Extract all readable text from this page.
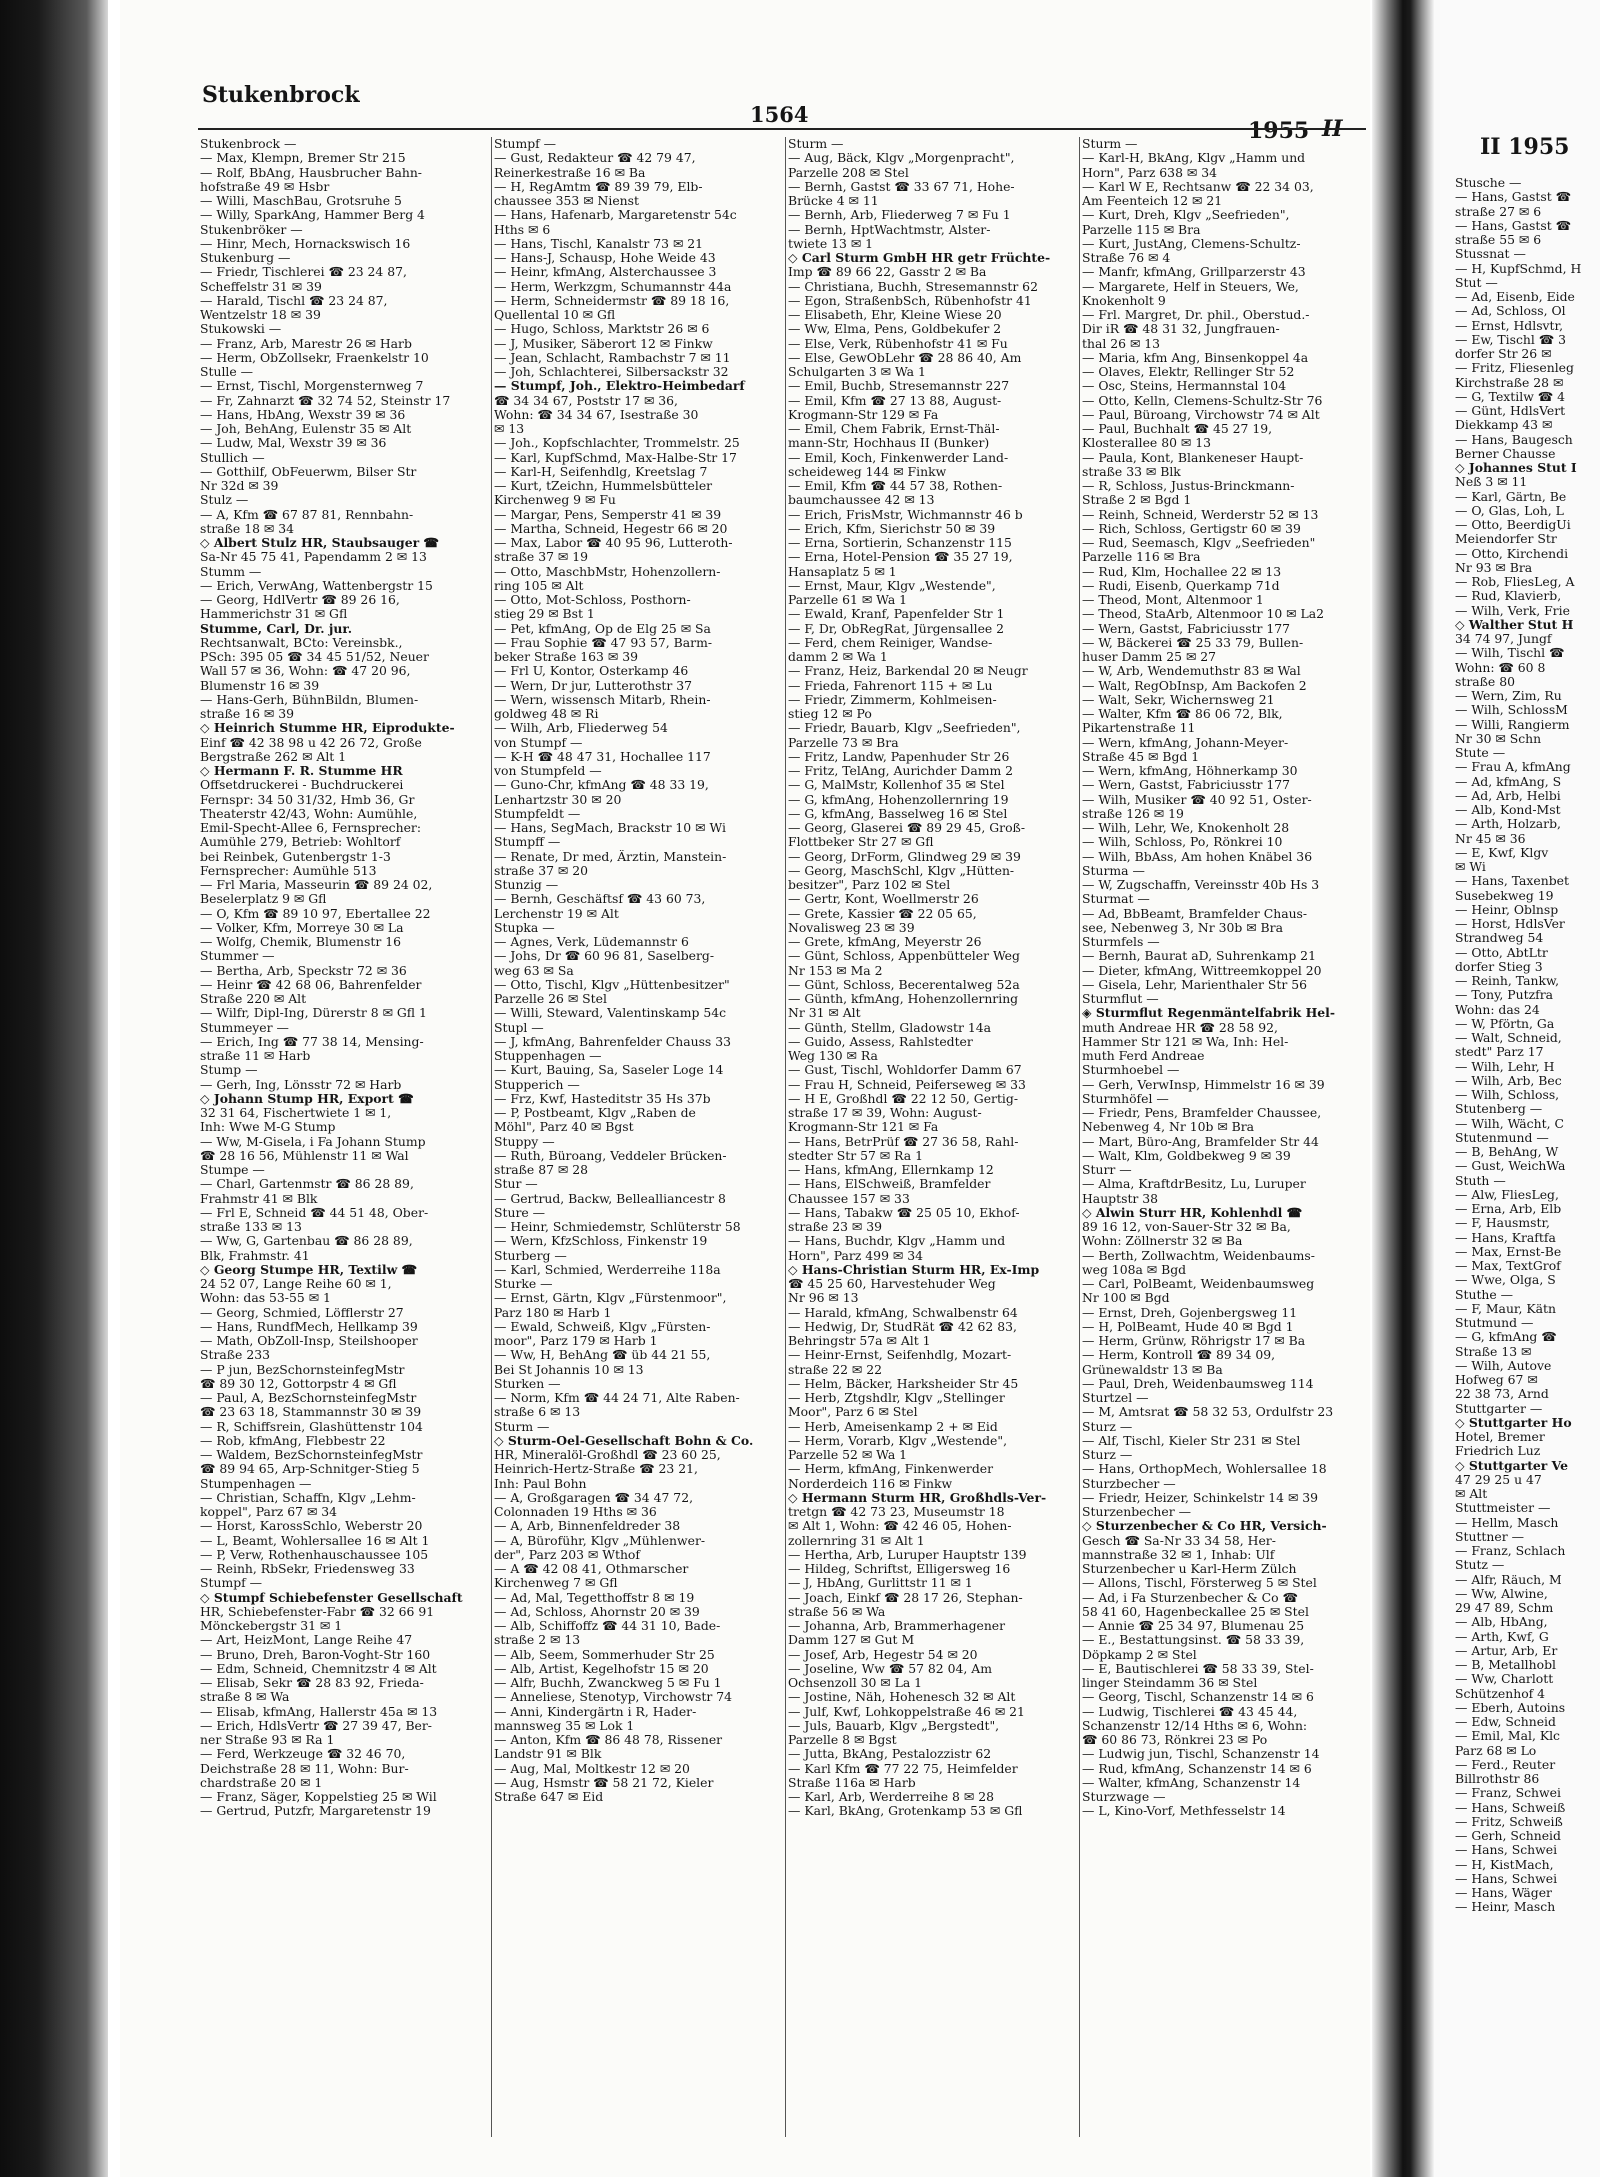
Stukenbrock
1564
1955 II
II 1955

Stukenbrock —

— Max, Klempn, Bremer Str 215

— Rolf, BbAng, Hausbrucher Bahn-

hofstraße 49 ✉ Hsbr

— Willi, MaschBau, Grotsruhe 5

— Willy, SparkAng, Hammer Berg 4

Stukenbröker —

— Hinr, Mech, Hornackswisch 16

Stukenburg —

— Friedr, Tischlerei ☎ 23 24 87,

Scheffelstr 31 ✉ 39

— Harald, Tischl ☎ 23 24 87,

Wentzelstr 18 ✉ 39

Stukowski —

— Franz, Arb, Marestr 26 ✉ Harb

— Herm, ObZollsekr, Fraenkelstr 10

Stulle —

— Ernst, Tischl, Morgensternweg 7

— Fr, Zahnarzt ☎ 32 74 52, Steinstr 17

— Hans, HbAng, Wexstr 39 ✉ 36

— Joh, BehAng, Eulenstr 35 ✉ Alt

— Ludw, Mal, Wexstr 39 ✉ 36

Stullich —

— Gotthilf, ObFeuerwm, Bilser Str

Nr 32d ✉ 39

Stulz —

— A, Kfm ☎ 67 87 81, Rennbahn-

straße 18 ✉ 34

◇ Albert Stulz HR, Staubsauger ☎

Sa-Nr 45 75 41, Papendamm 2 ✉ 13

Stumm —

— Erich, VerwAng, Wattenbergstr 15

— Georg, HdlVertr ☎ 89 26 16,

Hammerichstr 31 ✉ Gfl

Stumme, Carl, Dr. jur.

Rechtsanwalt, BCto: Vereinsbk.,

PSch: 395 05 ☎ 34 45 51/52, Neuer

Wall 57 ✉ 36, Wohn: ☎ 47 20 96,

Blumenstr 16 ✉ 39

— Hans-Gerh, BühnBildn, Blumen-

straße 16 ✉ 39

◇ Heinrich Stumme HR, Eiprodukte-

Einf ☎ 42 38 98 u 42 26 72, Große

Bergstraße 262 ✉ Alt 1

◇ Hermann F. R. Stumme HR

Offsetdruckerei - Buchdruckerei

Fernspr: 34 50 31/32, Hmb 36, Gr

Theaterstr 42/43, Wohn: Aumühle,

Emil-Specht-Allee 6, Fernsprecher:

Aumühle 279, Betrieb: Wohltorf

bei Reinbek, Gutenbergstr 1-3

Fernsprecher: Aumühle 513

— Frl Maria, Masseurin ☎ 89 24 02,

Beselerplatz 9 ✉ Gfl

— O, Kfm ☎ 89 10 97, Ebertallee 22

— Volker, Kfm, Morreye 30 ✉ La

— Wolfg, Chemik, Blumenstr 16

Stummer —

— Bertha, Arb, Speckstr 72 ✉ 36

— Heinr ☎ 42 68 06, Bahrenfelder

Straße 220 ✉ Alt

— Wilfr, Dipl-Ing, Dürerstr 8 ✉ Gfl 1

Stummeyer —

— Erich, Ing ☎ 77 38 14, Mensing-

straße 11 ✉ Harb

Stump —

— Gerh, Ing, Lönsstr 72 ✉ Harb

◇ Johann Stump HR, Export ☎

32 31 64, Fischertwiete 1 ✉ 1,

Inh: Wwe M-G Stump

— Ww, M-Gisela, i Fa Johann Stump

☎ 28 16 56, Mühlenstr 11 ✉ Wal

Stumpe —

— Charl, Gartenmstr ☎ 86 28 89,

Frahmstr 41 ✉ Blk

— Frl E, Schneid ☎ 44 51 48, Ober-

straße 133 ✉ 13

— Ww, G, Gartenbau ☎ 86 28 89,

Blk, Frahmstr. 41

◇ Georg Stumpe HR, Textilw ☎

24 52 07, Lange Reihe 60 ✉ 1,

Wohn: das 53-55 ✉ 1

— Georg, Schmied, Löfflerstr 27

— Hans, RundfMech, Hellkamp 39

— Math, ObZoll-Insp, Steilshooper

Straße 233

— P jun, BezSchornsteinfegMstr

☎ 89 30 12, Gottorpstr 4 ✉ Gfl

— Paul, A, BezSchornsteinfegMstr

☎ 23 63 18, Stammannstr 30 ✉ 39

— R, Schiffsrein, Glashüttenstr 104

— Rob, kfmAng, Flebbestr 22

— Waldem, BezSchornsteinfegMstr

☎ 89 94 65, Arp-Schnitger-Stieg 5

Stumpenhagen —

— Christian, Schaffn, Klgv „Lehm-

koppel", Parz 67 ✉ 34

— Horst, KarossSchlo, Weberstr 20

— L, Beamt, Wohlersallee 16 ✉ Alt 1

— P, Verw, Rothenhauschaussee 105

— Reinh, RbSekr, Friedensweg 33

Stumpf —

◇ Stumpf Schiebefenster Gesellschaft

HR, Schiebefenster-Fabr ☎ 32 66 91

Mönckebergstr 31 ✉ 1

— Art, HeizMont, Lange Reihe 47

— Bruno, Dreh, Baron-Voght-Str 160

— Edm, Schneid, Chemnitzstr 4 ✉ Alt

— Elisab, Sekr ☎ 28 83 92, Frieda-

straße 8 ✉ Wa

— Elisab, kfmAng, Hallerstr 45a ✉ 13

— Erich, HdlsVertr ☎ 27 39 47, Ber-

ner Straße 93 ✉ Ra 1

— Ferd, Werkzeuge ☎ 32 46 70,

Deichstraße 28 ✉ 11, Wohn: Bur-

chardstraße 20 ✉ 1

— Franz, Säger, Koppelstieg 25 ✉ Wil

— Gertrud, Putzfr, Margaretenstr 19

Stumpf —

— Gust, Redakteur ☎ 42 79 47,

Reinerkestraße 16 ✉ Ba

— H, RegAmtm ☎ 89 39 79, Elb-

chaussee 353 ✉ Nienst

— Hans, Hafenarb, Margaretenstr 54c

Hths ✉ 6

— Hans, Tischl, Kanalstr 73 ✉ 21

— Hans-J, Schausp, Hohe Weide 43

— Heinr, kfmAng, Alsterchaussee 3

— Herm, Werkzgm, Schumannstr 44a

— Herm, Schneidermstr ☎ 89 18 16,

Quellental 10 ✉ Gfl

— Hugo, Schloss, Marktstr 26 ✉ 6

— J, Musiker, Säberort 12 ✉ Finkw

— Jean, Schlacht, Rambachstr 7 ✉ 11

— Joh, Schlachterei, Silbersackstr 32

— Stumpf, Joh., Elektro-Heimbedarf

☎ 34 34 67, Poststr 17 ✉ 36,

Wohn: ☎ 34 34 67, Isestraße 30

✉ 13

— Joh., Kopfschlachter, Trommelstr. 25

— Karl, KupfSchmd, Max-Halbe-Str 17

— Karl-H, Seifenhdlg, Kreetslag 7

— Kurt, tZeichn, Hummelsbütteler

Kirchenweg 9 ✉ Fu

— Margar, Pens, Semperstr 41 ✉ 39

— Martha, Schneid, Hegestr 66 ✉ 20

— Max, Labor ☎ 40 95 96, Lutteroth-

straße 37 ✉ 19

— Otto, MaschbMstr, Hohenzollern-

ring 105 ✉ Alt

— Otto, Mot-Schloss, Posthorn-

stieg 29 ✉ Bst 1

— Pet, kfmAng, Op de Elg 25 ✉ Sa

— Frau Sophie ☎ 47 93 57, Barm-

beker Straße 163 ✉ 39

— Frl U, Kontor, Osterkamp 46

— Wern, Dr jur, Lutterothstr 37

— Wern, wissensch Mitarb, Rhein-

goldweg 48 ✉ Ri

— Wilh, Arb, Fliederweg 54

von Stumpf —

— K-H ☎ 48 47 31, Hochallee 117

von Stumpfeld —

— Guno-Chr, kfmAng ☎ 48 33 19,

Lenhartzstr 30 ✉ 20

Stumpfeldt —

— Hans, SegMach, Brackstr 10 ✉ Wi

Stumpff —

— Renate, Dr med, Ärztin, Manstein-

straße 37 ✉ 20

Stunzig —

— Bernh, Geschäftsf ☎ 43 60 73,

Lerchenstr 19 ✉ Alt

Stupka —

— Agnes, Verk, Lüdemannstr 6

— Johs, Dr ☎ 60 96 81, Saselberg-

weg 63 ✉ Sa

— Otto, Tischl, Klgv „Hüttenbesitzer"

Parzelle 26 ✉ Stel

— Willi, Steward, Valentinskamp 54c

Stupl —

— J, kfmAng, Bahrenfelder Chauss 33

Stuppenhagen —

— Kurt, Bauing, Sa, Saseler Loge 14

Stupperich —

— Frz, Kwf, Hasteditstr 35 Hs 37b

— P, Postbeamt, Klgv „Raben de

Möhl", Parz 40 ✉ Bgst

Stuppy —

— Ruth, Büroang, Veddeler Brücken-

straße 87 ✉ 28

Stur —

— Gertrud, Backw, Belleallianсestr 8

Sture —

— Heinr, Schmiedemstr, Schlüterstr 58

— Wern, KfzSchloss, Finkenstr 19

Sturberg —

— Karl, Schmied, Werderreihe 118a

Sturke —

— Ernst, Gärtn, Klgv „Fürstenmoor",

Parz 180 ✉ Harb 1

— Ewald, Schweiß, Klgv „Fürsten-

moor", Parz 179 ✉ Harb 1

— Ww, H, BehAng ☎ üb 44 21 55,

Bei St Johannis 10 ✉ 13

Sturken —

— Norm, Kfm ☎ 44 24 71, Alte Raben-

straße 6 ✉ 13

Sturm —

◇ Sturm-Oel-Gesellschaft Bohn & Co.

HR, Mineralöl-Großhdl ☎ 23 60 25,

Heinrich-Hertz-Straße ☎ 23 21,

Inh: Paul Bohn

— A, Großgaragen ☎ 34 47 72,

Colonnaden 19 Hths ✉ 36

— A, Arb, Binnenfeldreder 38

— A, Büroführ, Klgv „Mühlenwer-

der", Parz 203 ✉ Wthof

— A ☎ 42 08 41, Othmarscher

Kirchenweg 7 ✉ Gfl

— Ad, Mal, Tegetthoffstr 8 ✉ 19

— Ad, Schloss, Ahornstr 20 ✉ 39

— Alb, Schiffoffz ☎ 44 31 10, Bade-

straße 2 ✉ 13

— Alb, Seem, Sommerhuder Str 25

— Alb, Artist, Kegelhofstr 15 ✉ 20

— Alfr, Buchh, Zwanckweg 5 ✉ Fu 1

— Anneliese, Stenotyp, Virchowstr 74

— Anni, Kindergärtn i R, Hader-

mannsweg 35 ✉ Lok 1

— Anton, Kfm ☎ 86 48 78, Rissener

Landstr 91 ✉ Blk

— Aug, Mal, Moltkestr 12 ✉ 20

— Aug, Hsmstr ☎ 58 21 72, Kieler

Straße 647 ✉ Eid

Sturm —

— Aug, Bäck, Klgv „Morgenpracht",

Parzelle 208 ✉ Stel

— Bernh, Gastst ☎ 33 67 71, Hohe-

Brücke 4 ✉ 11

— Bernh, Arb, Fliederweg 7 ✉ Fu 1

— Bernh, HptWachtmstr, Alster-

twiete 13 ✉ 1

◇ Carl Sturm GmbH HR getr Früchte-

Imp ☎ 89 66 22, Gasstr 2 ✉ Ba

— Christiana, Buchh, Stresemannstr 62

— Egon, StraßenbSch, Rübenhofstr 41

— Elisabeth, Ehr, Kleine Wiese 20

— Ww, Elma, Pens, Goldbekufer 2

— Else, Verk, Rübenhofstr 41 ✉ Fu

— Else, GewObLehr ☎ 28 86 40, Am

Schulgarten 3 ✉ Wa 1

— Emil, Buchb, Stresemannstr 227

— Emil, Kfm ☎ 27 13 88, August-

Krogmann-Str 129 ✉ Fa

— Emil, Chem Fabrik, Ernst-Thäl-

mann-Str, Hochhaus II (Bunker)

— Emil, Koch, Finkenwerder Land-

scheideweg 144 ✉ Finkw

— Emil, Kfm ☎ 44 57 38, Rothen-

baumchaussee 42 ✉ 13

— Erich, FrisMstr, Wichmannstr 46 b

— Erich, Kfm, Sierichstr 50 ✉ 39

— Erna, Sortierin, Schanzenstr 115

— Erna, Hotel-Pension ☎ 35 27 19,

Hansaplatz 5 ✉ 1

— Ernst, Maur, Klgv „Westende",

Parzelle 61 ✉ Wa 1

— Ewald, Kranf, Papenfelder Str 1

— F, Dr, ObRegRat, Jürgensallee 2

— Ferd, chem Reiniger, Wandse-

damm 2 ✉ Wa 1

— Franz, Heiz, Barkendal 20 ✉ Neugr

— Frieda, Fahrenort 115 + ✉ Lu

— Friedr, Zimmerm, Kohlmeisen-

stieg 12 ✉ Po

— Friedr, Bauarb, Klgv „Seefrieden",

Parzelle 73 ✉ Bra

— Fritz, Landw, Papenhuder Str 26

— Fritz, TelAng, Aurichder Damm 2

— G, MalMstr, Kollenhof 35 ✉ Stel

— G, kfmAng, Hohenzollernring 19

— G, kfmAng, Basselweg 16 ✉ Stel

— Georg, Glaserei ☎ 89 29 45, Groß-

Flottbeker Str 27 ✉ Gfl

— Georg, DrForm, Glindweg 29 ✉ 39

— Georg, MaschSchl, Klgv „Hütten-

besitzer", Parz 102 ✉ Stel

— Gertr, Kont, Woellmerstr 26

— Grete, Kassier ☎ 22 05 65,

Novalisweg 23 ✉ 39

— Grete, kfmAng, Meyerstr 26

— Günt, Schloss, Appenbütteler Weg

Nr 153 ✉ Ma 2

— Günt, Schloss, Becerentalweg 52a

— Günth, kfmAng, Hohenzollernring

Nr 31 ✉ Alt

— Günth, Stellm, Gladowstr 14a

— Guido, Assess, Rahlstedter

Weg 130 ✉ Ra

— Gust, Tischl, Wohldorfer Damm 67

— Frau H, Schneid, Peiferseweg ✉ 33

— H E, Großhdl ☎ 22 12 50, Gertig-

straße 17 ✉ 39, Wohn: August-

Krogmann-Str 121 ✉ Fa

— Hans, BetrPrüf ☎ 27 36 58, Rahl-

stedter Str 57 ✉ Ra 1

— Hans, kfmAng, Ellernkamp 12

— Hans, ElSchweiß, Bramfelder

Chaussee 157 ✉ 33

— Hans, Tabakw ☎ 25 05 10, Ekhof-

straße 23 ✉ 39

— Hans, Buchdr, Klgv „Hamm und

Horn", Parz 499 ✉ 34

◇ Hans-Christian Sturm HR, Ex-Imp

☎ 45 25 60, Harvestehuder Weg

Nr 96 ✉ 13

— Harald, kfmAng, Schwalbenstr 64

— Hedwig, Dr, StudRät ☎ 42 62 83,

Behringstr 57a ✉ Alt 1

— Heinr-Ernst, Seifenhdlg, Mozart-

straße 22 ✉ 22

— Helm, Bäcker, Harksheider Str 45

— Herb, Ztgshdlr, Klgv „Stellinger

Moor", Parz 6 ✉ Stel

— Herb, Ameisenkamp 2 + ✉ Eid

— Herm, Vorarb, Klgv „Westende",

Parzelle 52 ✉ Wa 1

— Herm, kfmAng, Finkenwerder

Norderdeich 116 ✉ Finkw

◇ Hermann Sturm HR, Großhdls-Ver-

tretgn ☎ 42 73 23, Museumstr 18

✉ Alt 1, Wohn: ☎ 42 46 05, Hohen-

zollernring 31 ✉ Alt 1

— Hertha, Arb, Luruper Hauptstr 139

— Hildeg, Schriftst, Elligersweg 16

— J, HbAng, Gurlittstr 11 ✉ 1

— Joach, Einkf ☎ 28 17 26, Stephan-

straße 56 ✉ Wa

— Johanna, Arb, Brammerhagener

Damm 127 ✉ Gut M

— Josef, Arb, Hegestr 54 ✉ 20

— Joseline, Ww ☎ 57 82 04, Am

Ochsenzoll 30 ✉ La 1

— Jostine, Näh, Hohenesch 32 ✉ Alt

— Julf, Kwf, Lohkoppelstraße 46 ✉ 21

— Juls, Bauarb, Klgv „Bergstedt",

Parzelle 8 ✉ Bgst

— Jutta, BkAng, Pestalozzistr 62

— Karl Kfm ☎ 77 22 75, Heimfelder

Straße 116a ✉ Harb

— Karl, Arb, Werderreihe 8 ✉ 28

— Karl, BkAng, Grotenkamp 53 ✉ Gfl

Sturm —

— Karl-H, BkAng, Klgv „Hamm und

Horn", Parz 638 ✉ 34

— Karl W E, Rechtsanw ☎ 22 34 03,

Am Feenteich 12 ✉ 21

— Kurt, Dreh, Klgv „Seefrieden",

Parzelle 115 ✉ Bra

— Kurt, JustAng, Clemens-Schultz-

Straße 76 ✉ 4

— Manfr, kfmAng, Grillparzerstr 43

— Margarete, Helf in Steuers, We,

Knokenholt 9

— Frl. Margret, Dr. phil., Oberstud.-

Dir iR ☎ 48 31 32, Jungfrauen-

thal 26 ✉ 13

— Maria, kfm Ang, Binsenkoppel 4a

— Olaves, Elektr, Rellinger Str 52

— Osc, Steins, Hermannstal 104

— Otto, Kelln, Clemens-Schultz-Str 76

— Paul, Büroang, Virchowstr 74 ✉ Alt

— Paul, Buchhalt ☎ 45 27 19,

Klosterallee 80 ✉ 13

— Paula, Kont, Blankeneser Haupt-

straße 33 ✉ Blk

— R, Schloss, Justus-Brinckmann-

Straße 2 ✉ Bgd 1

— Reinh, Schneid, Werderstr 52 ✉ 13

— Rich, Schloss, Gertigstr 60 ✉ 39

— Rud, Seemasch, Klgv „Seefrieden"

Parzelle 116 ✉ Bra

— Rud, Klm, Hochallee 22 ✉ 13

— Rudi, Eisenb, Querkamp 71d

— Theod, Mont, Altenmoor 1

— Theod, StaArb, Altenmoor 10 ✉ La2

— Wern, Gastst, Fabriciusstr 177

— W, Bäckerei ☎ 25 33 79, Bullen-

huser Damm 25 ✉ 27

— W, Arb, Wendemuthstr 83 ✉ Wal

— Walt, RegObInsp, Am Backofen 2

— Walt, Sekr, Wichernsweg 21

— Walter, Kfm ☎ 86 06 72, Blk,

Pikartenstraße 11

— Wern, kfmAng, Johann-Meyer-

Straße 45 ✉ Bgd 1

— Wern, kfmAng, Höhnerkamp 30

— Wern, Gastst, Fabriciusstr 177

— Wilh, Musiker ☎ 40 92 51, Oster-

straße 126 ✉ 19

— Wilh, Lehr, We, Knokenholt 28

— Wilh, Schloss, Po, Rönkrei 10

— Wilh, BbAss, Am hohen Knäbel 36

Sturma —

— W, Zugschaffn, Vereinsstr 40b Hs 3

Sturmat —

— Ad, BbBeamt, Bramfelder Chaus-

see, Nebenweg 3, Nr 30b ✉ Bra

Sturmfels —

— Bernh, Baurat aD, Suhrenkamp 21

— Dieter, kfmAng, Wittreemkoppel 20

— Gisela, Lehr, Marienthaler Str 56

Sturmflut —

◈ Sturmflut Regenmäntelfabrik Hel-

muth Andreae HR ☎ 28 58 92,

Hammer Str 121 ✉ Wa, Inh: Hel-

muth Ferd Andreae

Sturmhoebel —

— Gerh, VerwInsp, Himmelstr 16 ✉ 39

Sturmhöfel —

— Friedr, Pens, Bramfelder Chaussee,

Nebenweg 4, Nr 10b ✉ Bra

— Mart, Büro-Ang, Bramfelder Str 44

— Walt, Klm, Goldbekweg 9 ✉ 39

Sturr —

— Alma, KraftdrBesitz, Lu, Luruper

Hauptstr 38

◇ Alwin Sturr HR, Kohlenhdl ☎

89 16 12, von-Sauer-Str 32 ✉ Ba,

Wohn: Zöllnerstr 32 ✉ Ba

— Berth, Zollwachtm, Weidenbaums-

weg 108a ✉ Bgd

— Carl, PolBeamt, Weidenbaumsweg

Nr 100 ✉ Bgd

— Ernst, Dreh, Gojenbergsweg 11

— H, PolBeamt, Hude 40 ✉ Bgd 1

— Herm, Grünw, Röhrigstr 17 ✉ Ba

— Herm, Kontroll ☎ 89 34 09,

Grünewaldstr 13 ✉ Ba

— Paul, Dreh, Weidenbaumsweg 114

Sturtzel —

— M, Amtsrat ☎ 58 32 53, Ordulfstr 23

Sturz —

— Alf, Tischl, Kieler Str 231 ✉ Stel

Sturz —

— Hans, OrthopMech, Wohlersallee 18

Sturzbecher —

— Friedr, Heizer, Schinkelstr 14 ✉ 39

Sturzenbecher —

◇ Sturzenbecher & Co HR, Versich-

Gesch ☎ Sa-Nr 33 34 58, Her-

mannstraße 32 ✉ 1, Inhab: Ulf

Sturzenbecher u Karl-Herm Zülch

— Allons, Tischl, Försterweg 5 ✉ Stel

— Ad, i Fa Sturzenbecher & Co ☎

58 41 60, Hagenbeckallee 25 ✉ Stel

— Annie ☎ 25 34 97, Blumenau 25

— E., Bestattungsinst. ☎ 58 33 39,

Döpkamp 2 ✉ Stel

— E, Bautischlerei ☎ 58 33 39, Stel-

linger Steindamm 36 ✉ Stel

— Georg, Tischl, Schanzenstr 14 ✉ 6

— Ludwig, Tischlerei ☎ 43 45 44,

Schanzenstr 12/14 Hths ✉ 6, Wohn:

☎ 60 86 73, Rönkrei 23 ✉ Po

— Ludwig jun, Tischl, Schanzenstr 14

— Rud, kfmAng, Schanzenstr 14 ✉ 6

— Walter, kfmAng, Schanzenstr 14

Sturzwage —

— L, Kino-Vorf, Methfesselstr 14

Stusche —

— Hans, Gastst ☎

straße 27 ✉ 6

— Hans, Gastst ☎

straße 55 ✉ 6

Stussnat —

— H, KupfSchmd, H

Stut —

— Ad, Eisenb, Eide

— Ad, Schloss, Ol

— Ernst, Hdlsvtr,

— Ew, Tischl ☎ 3

dorfer Str 26 ✉

— Fritz, Fliesenleg

Kirchstraße 28 ✉

— G, Textilw ☎ 4

— Günt, HdlsVert

Diekkamp 43 ✉

— Hans, Baugesch

Berner Chausse

◇ Johannes Stut I

Neß 3 ✉ 11

— Karl, Gärtn, Be

— O, Glas, Loh, L

— Otto, BeerdigUi

Meiendorfer Str

— Otto, Kirchendi

Nr 93 ✉ Bra

— Rob, FliesLeg, A

— Rud, Klavierb,

— Wilh, Verk, Frie

◇ Walther Stut H

34 74 97, Jungf

— Wilh, Tischl ☎

Wohn: ☎ 60 8

straße 80

— Wern, Zim, Ru

— Wilh, SchlossM

— Willi, Rangierm

Nr 30 ✉ Schn

Stute —

— Frau A, kfmAng

— Ad, kfmAng, S

— Ad, Arb, Helbi

— Alb, Kond-Mst

— Arth, Holzarb,

Nr 45 ✉ 36

— E, Kwf, Klgv

✉ Wi

— Hans, Taxenbet

Susebekweg 19

— Heinr, Oblnsp

— Horst, HdlsVer

Strandweg 54

— Otto, AbtLtr

dorfer Stieg 3

— Reinh, Tankw,

— Tony, Putzfra

Wohn: das 24

— W, Pförtn, Ga

— Walt, Schneid,

stedt" Parz 17

— Wilh, Lehr, H

— Wilh, Arb, Bec

— Wilh, Schloss,

Stutenberg —

— Wilh, Wächt, C

Stutenmund —

— B, BehAng, W

— Gust, WeichWa

Stuth —

— Alw, FliesLeg,

— Erna, Arb, Elb

— F, Hausmstr,

— Hans, Kraftfa

— Max, Ernst-Be

— Max, TextGrof

— Wwe, Olga, S

Stuthe —

— F, Maur, Kätn

Stutmund —

— G, kfmAng ☎

Straße 13 ✉

— Wilh, Autove

Hofweg 67 ✉

22 38 73, Arnd

Stuttgarter —

◇ Stuttgarter Ho

Hotel, Bremer

Friedrich Luz

◇ Stuttgarter Ve

47 29 25 u 47

✉ Alt

Stuttmeister —

— Hellm, Masch

Stuttner —

— Franz, Schlach

Stutz —

— Alfr, Räuch, M

— Ww, Alwine,

29 47 89, Schm

— Alb, HbAng,

— Arth, Kwf, G

— Artur, Arb, Er

— B, Metallhobl

— Ww, Charlott

Schützenhof 4

— Eberh, Autoins

— Edw, Schneid

— Emil, Mal, Klc

Parz 68 ✉ Lo

— Ferd., Reuter

Billrothstr 86

— Franz, Schwei

— Hans, Schweiß

— Fritz, Schweiß

— Gerh, Schneid

— Hans, Schwei

— H, KistMach,

— Hans, Schwei

— Hans, Wäger

— Heinr, Masch
